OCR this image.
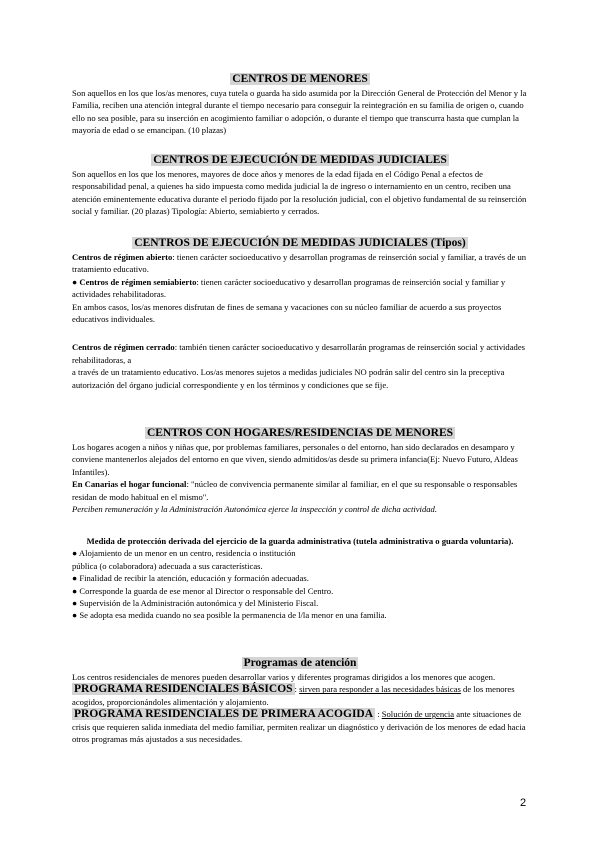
CENTROS DE MENORES

Son aquellos en los que los/as menores, cuya tutela o guarda ha sido asumida por la Dirección General de Protección del Menor y la Familia, reciben una atención integral durante el tiempo necesario para conseguir la reintegración en su familia de origen o, cuando ello no sea posible, para su inserción en acogimiento familiar o adopción, o durante el tiempo que transcurra hasta que cumplan la mayoría de edad o se emancipan. (10 plazas)

CENTROS DE EJECUCIÓN DE MEDIDAS JUDICIALES

Son aquellos en los que los menores, mayores de doce años y menores de la edad fijada en el Código Penal a efectos de responsabilidad penal, a quienes ha sido impuesta como medida judicial la de ingreso o internamiento en un centro, reciben una atención eminentemente educativa durante el periodo fijado por la resolución judicial, con el objetivo fundamental de su reinserción social y familiar. (20 plazas) Tipología: Abierto, semiabierto y cerrados.

CENTROS DE EJECUCIÓN DE MEDIDAS JUDICIALES (Tipos)

Centros de régimen abierto: tienen carácter socioeducativo y desarrollan programas de reinserción social y familiar, a través de un tratamiento educativo.

● Centros de régimen semiabierto: tienen carácter socioeducativo y desarrollan programas de reinserción social y familiar y actividades rehabilitadoras.

En ambos casos, los/as menores disfrutan de fines de semana y vacaciones con su núcleo familiar de acuerdo a sus proyectos educativos individuales.

Centros de régimen cerrado: también tienen carácter socioeducativo y desarrollarán programas de reinserción social y actividades rehabilitadoras, a

a través de un tratamiento educativo. Los/as menores sujetos a medidas judiciales NO podrán salir del centro sin la preceptiva autorización del órgano judicial correspondiente y en los términos y condiciones que se fije.

CENTROS CON HOGARES/RESIDENCIAS DE MENORES

Los hogares acogen a niños y niñas que, por problemas familiares, personales o del entorno, han sido declarados en desamparo y conviene mantenerlos alejados del entorno en que viven, siendo admitidos/as desde su primera infancia(Ej: Nuevo Futuro, Aldeas Infantiles).

En Canarias el hogar funcional: "núcleo de convivencia permanente similar al familiar, en el que su responsable o responsables residan de modo habitual en el mismo".

Perciben remuneración y la Administración Autonómica ejerce la inspección y control de dicha actividad.

Medida de protección derivada del ejercicio de la guarda administrativa (tutela administrativa o guarda voluntaria).

● Alojamiento de un menor en un centro, residencia o institución

pública (o colaboradora) adecuada a sus características.

● Finalidad de recibir la atención, educación y formación adecuadas.

● Corresponde la guarda de ese menor al Director o responsable del Centro.

● Supervisión de la Administración autonómica y del Ministerio Fiscal.

● Se adopta esa medida cuando no sea posible la permanencia de l/la menor en una familia.

Programas de atención

Los centros residenciales de menores pueden desarrollar varios y diferentes programas dirigidos a los menores que acogen.

PROGRAMA RESIDENCIALES BÁSICOS : sirven para responder a las necesidades básicas de los menores acogidos, proporcionándoles alimentación y alojamiento.

PROGRAMA RESIDENCIALES DE PRIMERA ACOGIDA : Solución de urgencia ante situaciones de crisis que requieren salida inmediata del medio familiar, permiten realizar un diagnóstico y derivación de los menores de edad hacia otros programas más ajustados a sus necesidades.

2
